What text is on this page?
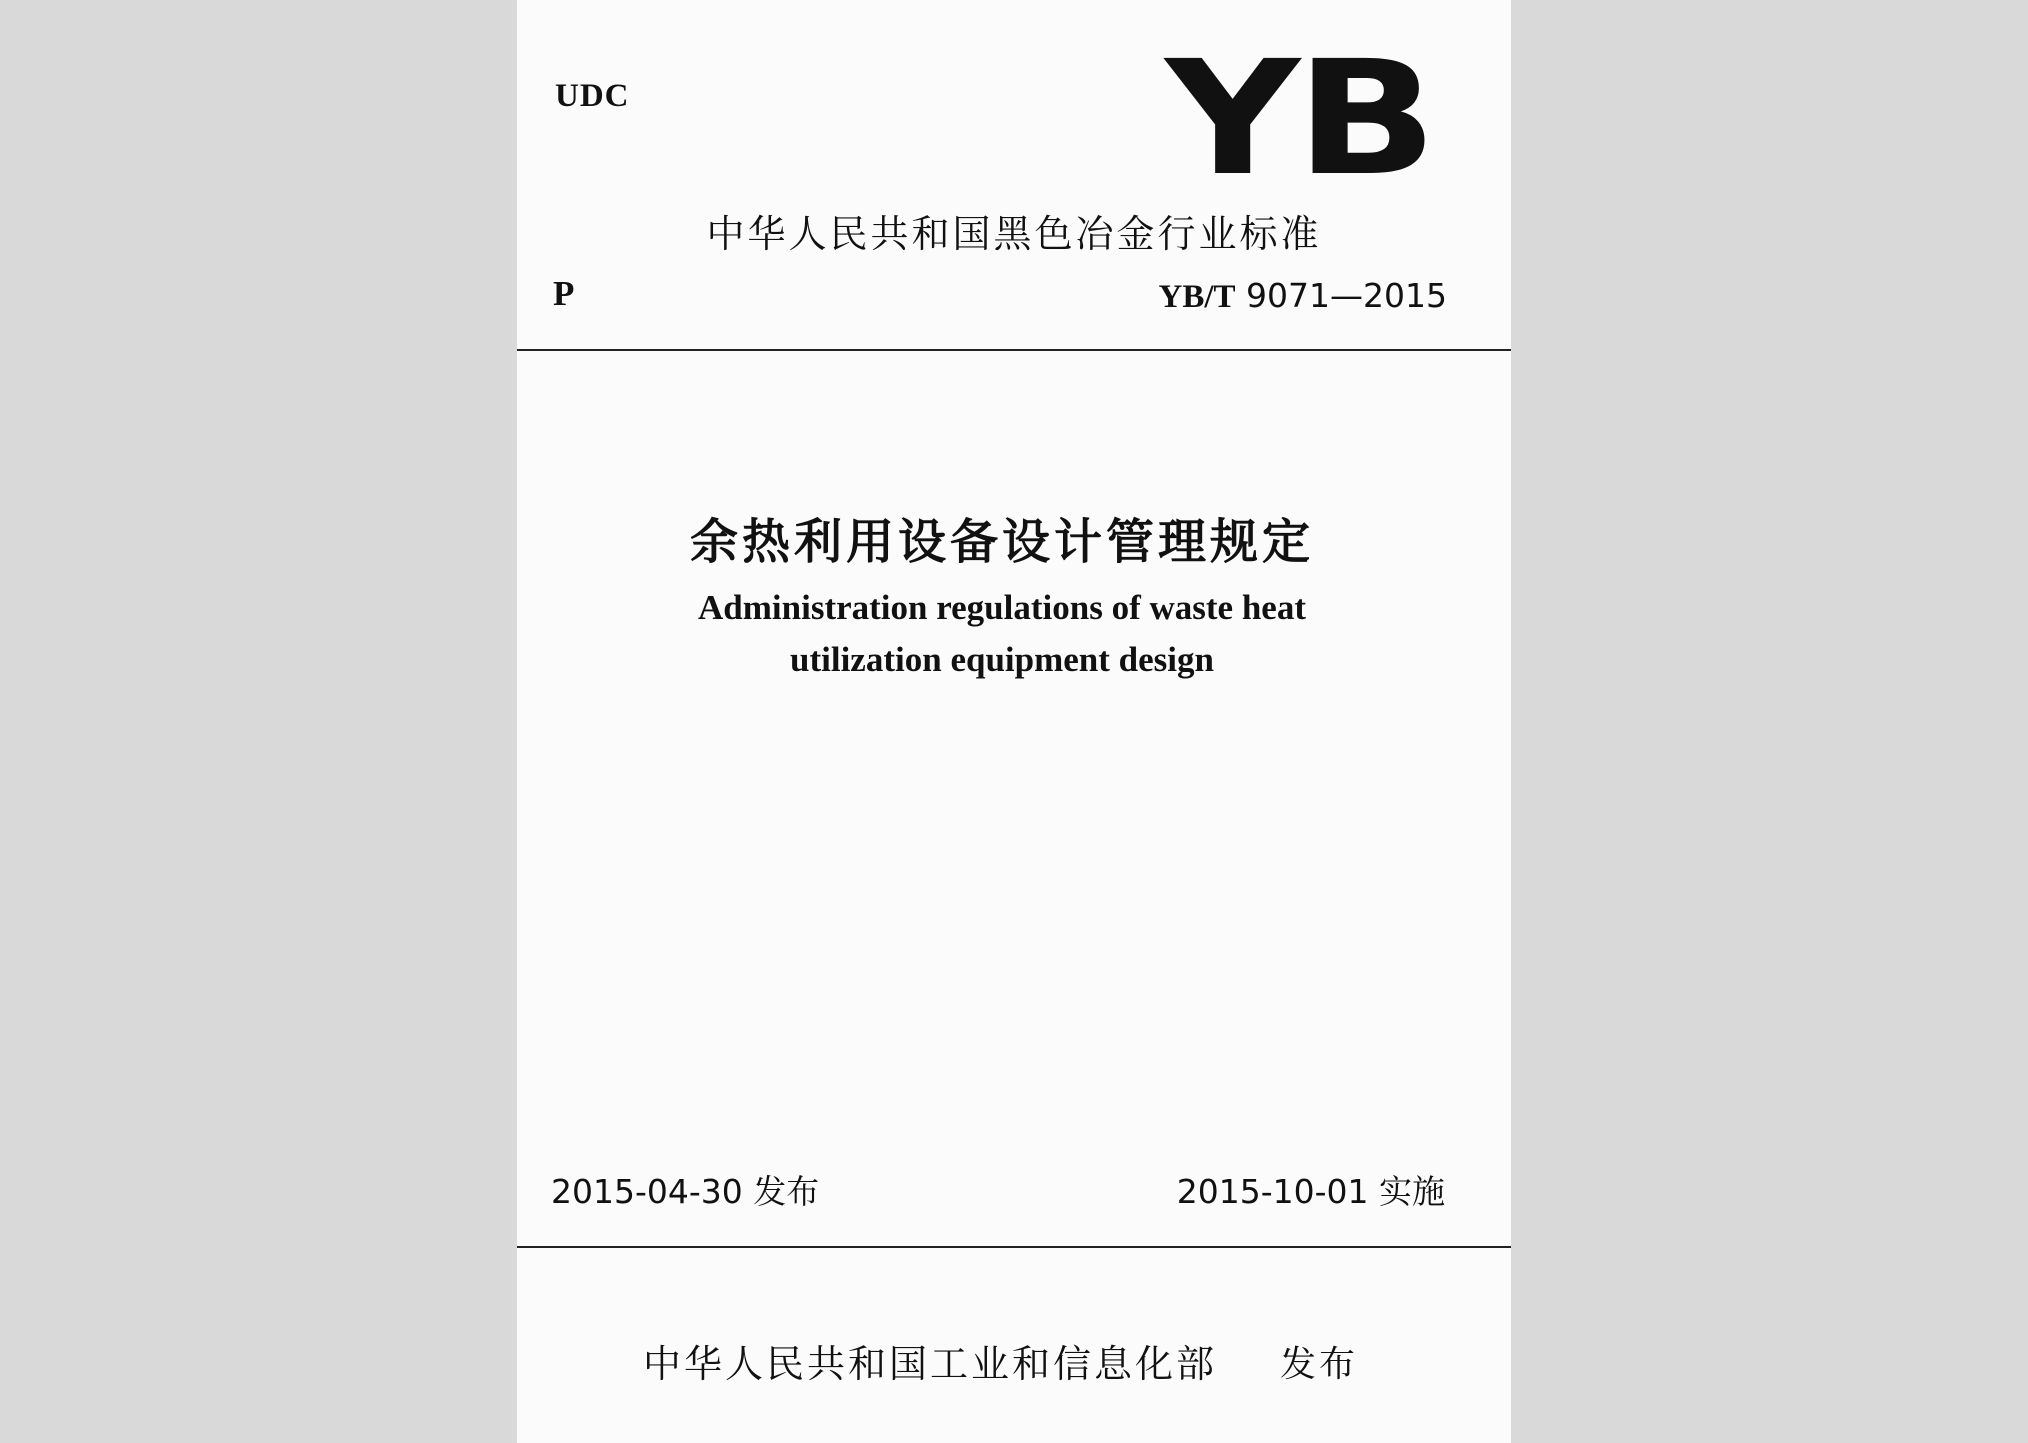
UDC	YB
中华人民共和国黑色冶金行业标准
P	YB/T 9071—2015
余热利用设备设计管理规定
Administration regulations of waste heat
utilization equipment design
2015-04-30 发布	2015-10-01 实施
中华人民共和国工业和信息化部 发布
